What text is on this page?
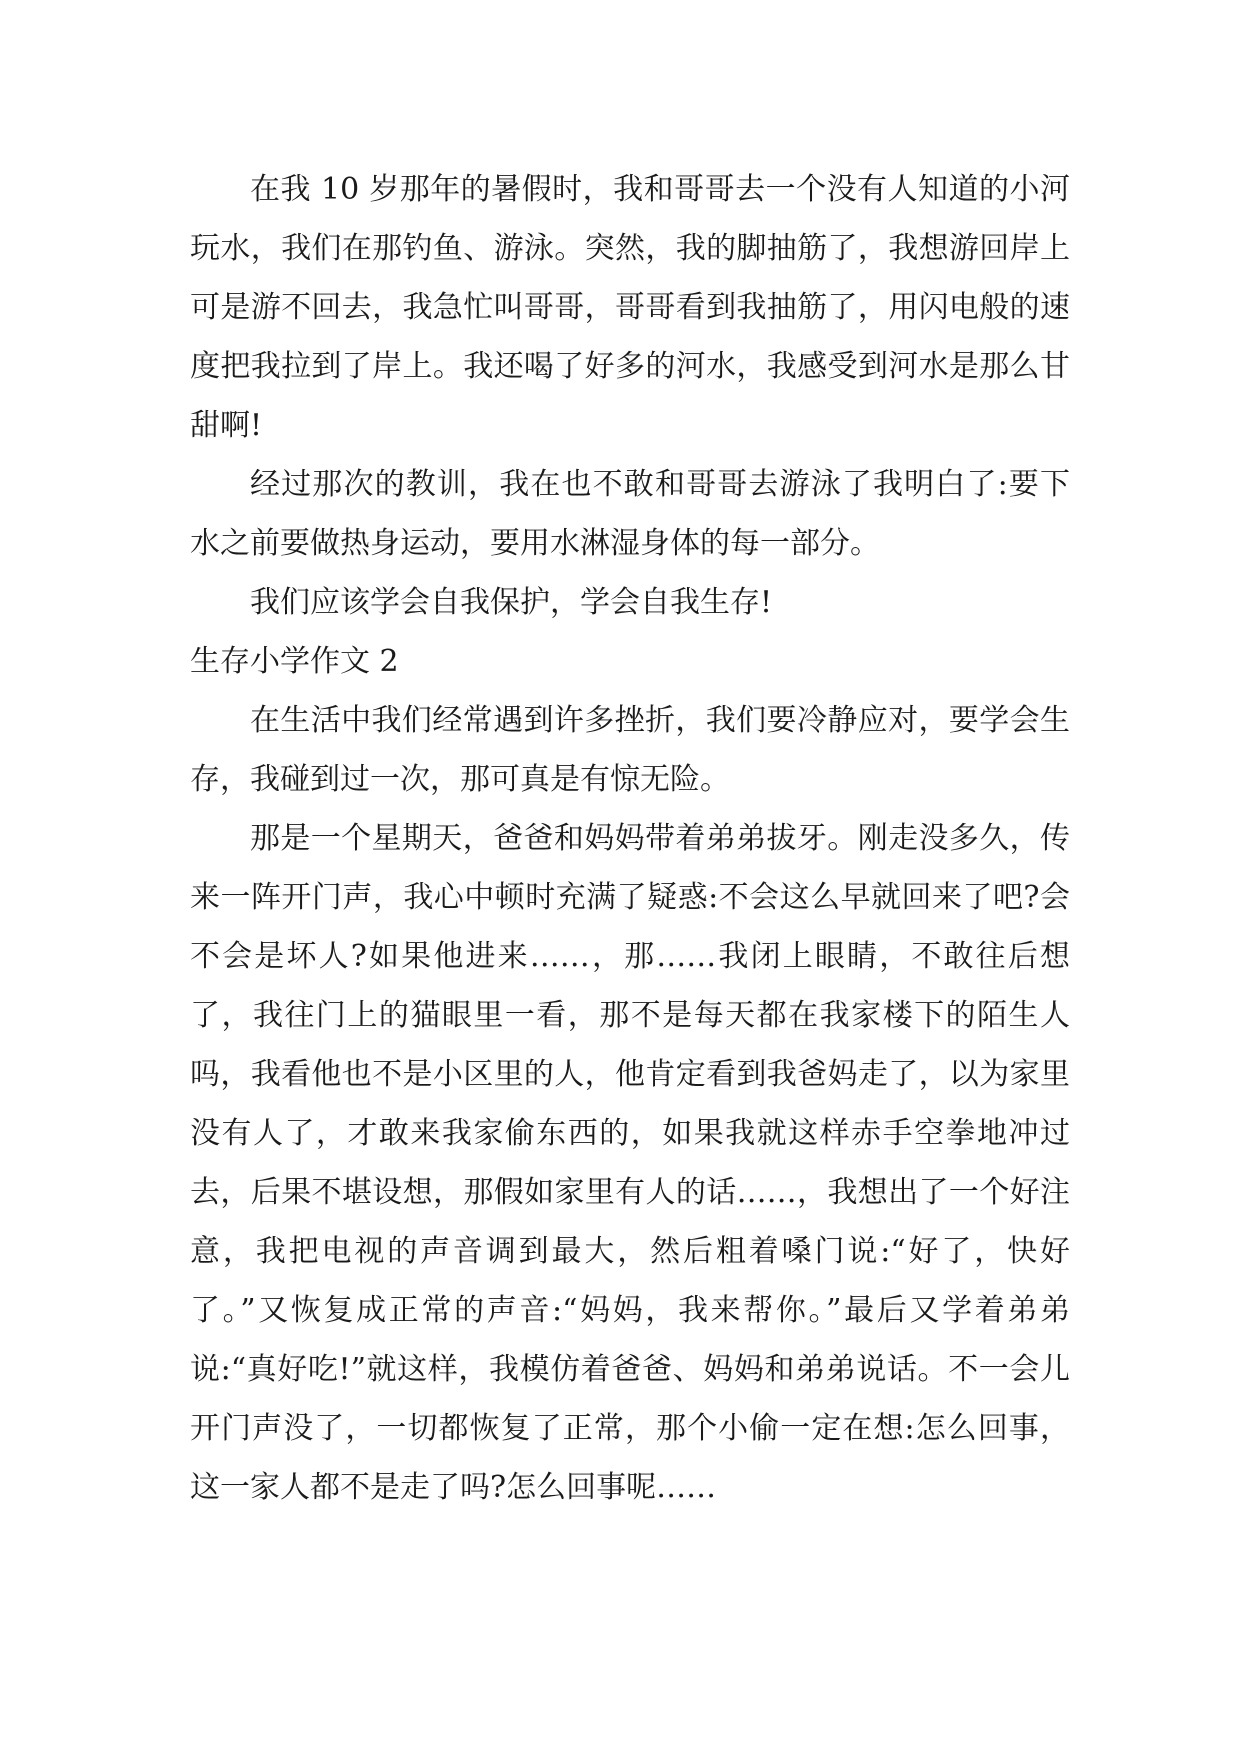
在我 10 岁那年的暑假时，我和哥哥去一个没有人知道的小河玩水，我们在那钓鱼、游泳。突然，我的脚抽筋了，我想游回岸上可是游不回去，我急忙叫哥哥，哥哥看到我抽筋了，用闪电般的速度把我拉到了岸上。我还喝了好多的河水，我感受到河水是那么甘甜啊!

经过那次的教训，我在也不敢和哥哥去游泳了我明白了:要下水之前要做热身运动，要用水淋湿身体的每一部分。

我们应该学会自我保护，学会自我生存!

生存小学作文 2

在生活中我们经常遇到许多挫折，我们要冷静应对，要学会生存，我碰到过一次，那可真是有惊无险。

那是一个星期天，爸爸和妈妈带着弟弟拔牙。刚走没多久，传来一阵开门声，我心中顿时充满了疑惑:不会这么早就回来了吧?会不会是坏人?如果他进来……，那……我闭上眼睛，不敢往后想了，我往门上的猫眼里一看，那不是每天都在我家楼下的陌生人吗，我看他也不是小区里的人，他肯定看到我爸妈走了，以为家里没有人了，才敢来我家偷东西的，如果我就这样赤手空拳地冲过去，后果不堪设想，那假如家里有人的话……，我想出了一个好注意，我把电视的声音调到最大，然后粗着嗓门说:“好了，快好了。”又恢复成正常的声音:“妈妈，我来帮你。”最后又学着弟弟说:“真好吃!”就这样，我模仿着爸爸、妈妈和弟弟说话。不一会儿开门声没了，一切都恢复了正常，那个小偷一定在想:怎么回事，这一家人都不是走了吗?怎么回事呢……
